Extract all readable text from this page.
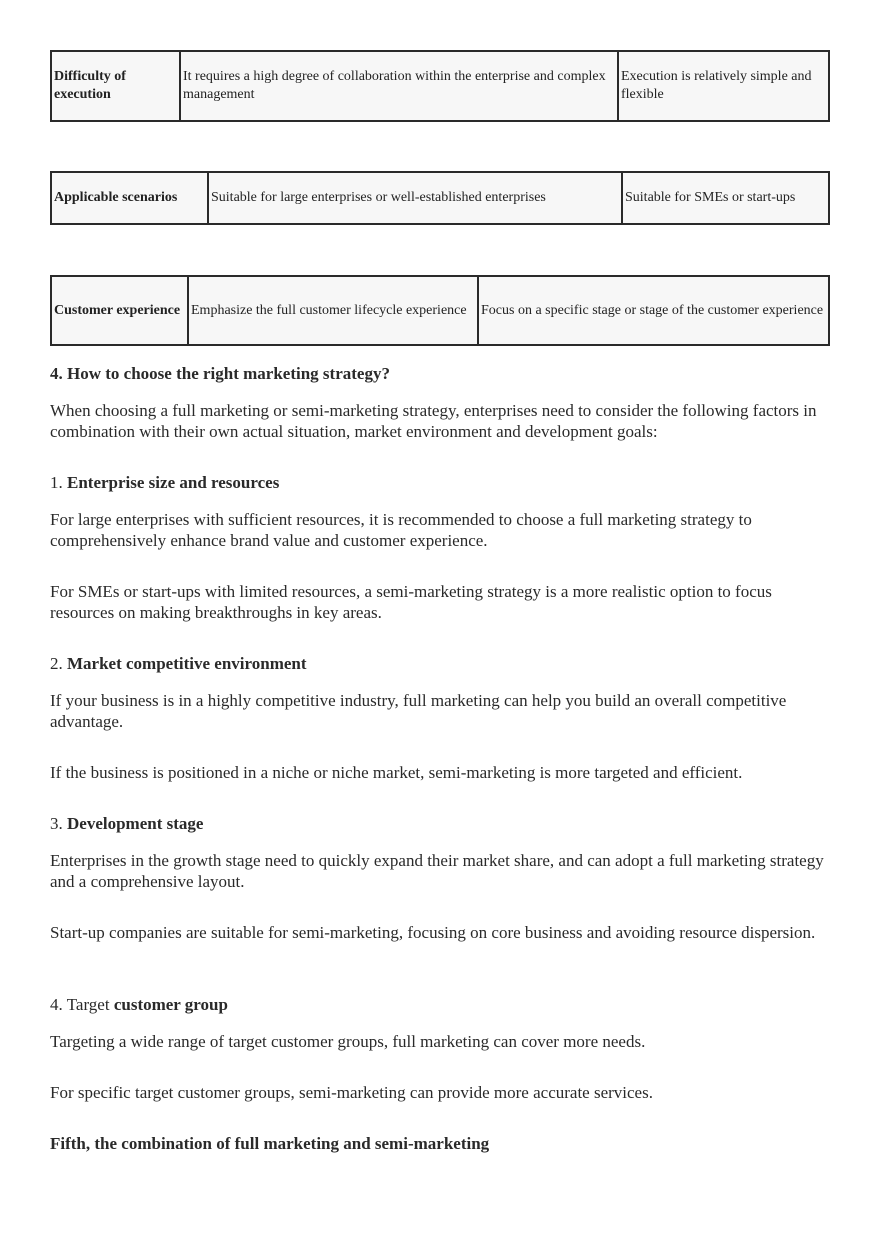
Difficulty of execution	It requires a high degree of collaboration within the enterprise and complex management	Execution is relatively simple and flexible
Applicable scenarios	Suitable for large enterprises or well-established enterprises	Suitable for SMEs or start-ups
Customer experience	Emphasize the full customer lifecycle experience	Focus on a specific stage or stage of the customer experience
4. How to choose the right marketing strategy?

When choosing a full marketing or semi-marketing strategy, enterprises need to consider the following factors in combination with their own actual situation, market environment and development goals:

1. Enterprise size and resources

For large enterprises with sufficient resources, it is recommended to choose a full marketing strategy to comprehensively enhance brand value and customer experience.

For SMEs or start-ups with limited resources, a semi-marketing strategy is a more realistic option to focus resources on making breakthroughs in key areas.

2. Market competitive environment

If your business is in a highly competitive industry, full marketing can help you build an overall competitive advantage.

If the business is positioned in a niche or niche market, semi-marketing is more targeted and efficient.

3. Development stage

Enterprises in the growth stage need to quickly expand their market share, and can adopt a full marketing strategy and a comprehensive layout.

Start-up companies are suitable for semi-marketing, focusing on core business and avoiding resource dispersion.

4. Target customer group

Targeting a wide range of target customer groups, full marketing can cover more needs.

For specific target customer groups, semi-marketing can provide more accurate services.

Fifth, the combination of full marketing and semi-marketing
